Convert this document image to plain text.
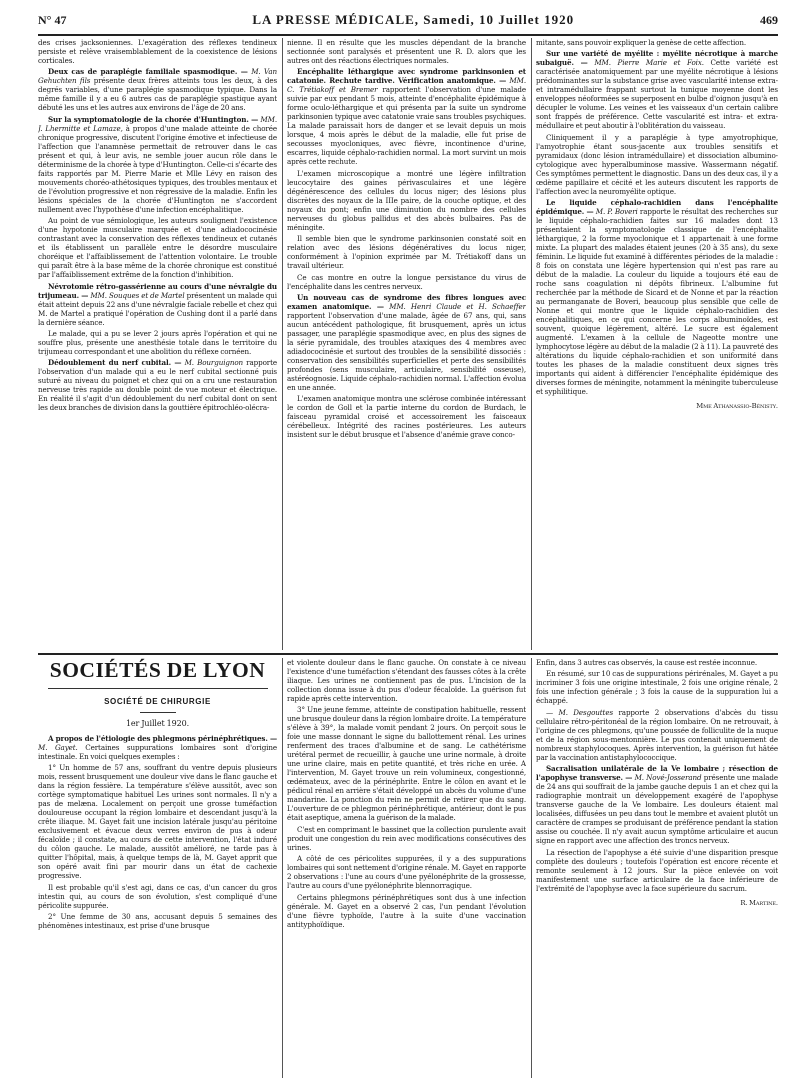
N° 47	LA PRESSE MÉDICALE, Samedi, 10 Juillet 1920	469

des crises jacksoniennes. L'exagération des réflexes tendineux persiste et relève vraisemblablement de la coexistence de lésions corticales.

Deux cas de paraplégie familiale spasmodique. — M. Van Gehuchten fils présente deux frères atteints tous les deux, à des degrés variables, d'une paraplégie spasmodique typique. Dans la même famille il y a eu 6 autres cas de paraplégie spastique ayant débuté les uns et les autres aux environs de l'âge de 20 ans.

Sur la symptomatologie de la chorée d'Huntington. — MM. J. Lhermitte et Lamaze, à propos d'une malade atteinte de chorée chronique progressive, discutent l'origine émotive et infectieuse de l'affection que l'anamnèse permettait de retrouver dans le cas présent et qui, à leur avis, ne semble jouer aucun rôle dans le déterminisme de la chorée à type d'Huntington. Celle-ci s'écarte des faits rapportés par M. Pierre Marie et Mlle Lévy en raison des mouvements choréo-athétosiques typiques, des troubles mentaux et de l'évolution progressive et non régressive de la maladie. Enfin les lésions spéciales de la chorée d'Huntington ne s'accordent nullement avec l'hypothèse d'une infection encéphalitique.

Au point de vue sémiologique, les auteurs soulignent l'existence d'une hypotonie musculaire marquée et d'une adiadococinésie contrastant avec la conservation des réflexes tendineux et cutanés et ils établissent un parallèle entre le désordre musculaire choréique et l'affaiblissement de l'attention volontaire. Le trouble qui paraît être à la base même de la chorée chronique est constitué par l'affaiblissement extrême de la fonction d'inhibition.

Névrotomie rétro-gassérienne au cours d'une névralgie du trijumeau. — MM. Souques et de Martel présentent un malade qui était atteint depuis 22 ans d'une névralgie faciale rebelle et chez qui M. de Martel a pratiqué l'opération de Cushing dont il a parlé dans la dernière séance.

Le malade, qui a pu se lever 2 jours après l'opération et qui ne souffre plus, présente une anesthésie totale dans le territoire du trijumeau correspondant et une abolition du réflexe cornéen.

Dédoublement du nerf cubital. — M. Bourguignon rapporte l'observation d'un malade qui a eu le nerf cubital sectionné puis suturé au niveau du poignet et chez qui on a cru une restauration nerveuse très rapide au double point de vue moteur et électrique. En réalité il s'agit d'un dédoublement du nerf cubital dont on sent les deux branches de division dans la gouttière épitrochléo-olécra-

nienne. Il en résulte que les muscles dépendant de la branche sectionnée sont paralysés et présentent une R. D. alors que les autres ont des réactions électriques normales.

Encéphalite léthargique avec syndrome parkinsonien et catatonie. Rechute tardive. Vérification anatomique. — MM. C. Trétiakoff et Bremer rapportent l'observation d'une malade suivie par eux pendant 5 mois, atteinte d'encéphalite épidémique à forme oculo-léthargique et qui présenta par la suite un syndrome parkinsonien typique avec catatonie vraie sans troubles psychiques. La malade paraissait hors de danger et se levait depuis un mois lorsque, 4 mois après le début de la maladie, elle fut prise de secousses myocloniques, avec fièvre, incontinence d'urine, escarres, liquide céphalo-rachidien normal. La mort survint un mois après cette rechute.

L'examen microscopique a montré une légère infiltration leucocytaire des gaines périvasculaires et une légère dégénérescence des cellules du locus niger; des lésions plus discrètes des noyaux de la IIIe paire, de la couche optique, et des noyaux du pont; enfin une diminution du nombre des cellules nerveuses du globus pallidus et des abcès bulbaires. Pas de méningite.

Il semble bien que le syndrome parkinsonien constaté soit en relation avec des lésions dégénératives du locus niger, conformément à l'opinion exprimée par M. Trétiakoff dans un travail ultérieur.

Ce cas montre en outre la longue persistance du virus de l'encéphalite dans les centres nerveux.

Un nouveau cas de syndrome des fibres longues avec examen anatomique. — MM. Henri Claude et H. Schaeffer rapportent l'observation d'une malade, âgée de 67 ans, qui, sans aucun antécédent pathologique, fit brusquement, après un ictus passager, une paraplégie spasmodique avec, en plus des signes de la série pyramidale, des troubles ataxiques des 4 membres avec adiadococinésie et surtout des troubles de la sensibilité dissociés : conservation des sensibilités superficielles et perte des sensibilités profondes (sens musculaire, articulaire, sensibilité osseuse), astéréognosie. Liquide céphalo-rachidien normal. L'affection évolua en une année.

L'examen anatomique montra une sclérose combinée intéressant le cordon de Goll et la partie interne du cordon de Burdach, le faisceau pyramidal croisé et accessoirement les faisceaux cérébelleux. Intégrité des racines postérieures. Les auteurs insistent sur le début brusque et l'absence d'anémie grave conco-

mitante, sans pouvoir expliquer la genèse de cette affection.

Sur une variété de myélite : myélite nécrotique à marche subaiguë. — MM. Pierre Marie et Foix. Cette variété est caractérisée anatomiquement par une myélite nécrotique à lésions prédominantes sur la substance grise avec vascularité intense extra- et intramédullaire frappant surtout la tunique moyenne dont les enveloppes néoformées se superposent en bulbe d'oignon jusqu'à en décupler le volume. Les veines et les vaisseaux d'un certain calibre sont frappés de préférence. Cette vascularité est intra- et extra-médullaire et peut aboutir à l'oblitération du vaisseau.

Cliniquement il y a paraplégie à type amyotrophique, l'amyotrophie étant sous-jacente aux troubles sensitifs et pyramidaux (donc lésion intramédullaire) et dissociation albumino-cytologique avec hyperalbuminose massive. Wassermann négatif. Ces symptômes permettent le diagnostic. Dans un des deux cas, il y a œdème papillaire et cécité et les auteurs discutent les rapports de l'affection avec la neuromyélite optique.

Le liquide céphalo-rachidien dans l'encéphalite épidémique. — M. P. Boveri rapporte le résultat des recherches sur le liquide céphalo-rachidien faites sur 16 malades dont 13 présentaient la symptomatologie classique de l'encéphalite léthargique, 2 la forme myoclonique et 1 appartenait à une forme mixte. La plupart des malades étaient jeunes (20 à 35 ans), du sexe féminin. Le liquide fut examiné à différentes périodes de la maladie : 8 fois on constata une légère hypertension qui n'est pas rare au début de la maladie. La couleur du liquide a toujours été eau de roche sans coagulation ni dépôts fibrineux. L'albumine fut recherchée par la méthode de Sicard et de Nonne et par la réaction au permanganate de Boveri, beaucoup plus sensible que celle de Nonne et qui montre que le liquide céphalo-rachidien des encéphalitiques, en ce qui concerne les corps albuminoïdes, est souvent, quoique légèrement, altéré. Le sucre est également augmenté. L'examen à la cellule de Nageotte montre une lymphocytose légère au début de la maladie (2 à 11). La pauvreté des altérations du liquide céphalo-rachidien et son uniformité dans toutes les phases de la maladie constituent deux signes très importants qui aident à différencier l'encéphalite épidémique des diverses formes de méningite, notamment la méningite tuberculeuse et syphilitique.

Mme Athanassio-Bénisty.
SOCIÉTÉS DE LYON
SOCIÉTÉ DE CHIRURGIE
1er Juillet 1920.

A propos de l'étiologie des phlegmons périnéphrétiques. — M. Gayet. Certaines suppurations lombaires sont d'origine intestinale. En voici quelques exemples :

1° Un homme de 57 ans, souffrant du ventre depuis plusieurs mois, ressent brusquement une douleur vive dans le flanc gauche et dans la région fessière. La température s'élève aussitôt, avec son cortège symptomatique habituel Les urines sont normales. Il n'y a pas de melæna. Localement on perçoit une grosse tuméfaction douloureuse occupant la région lombaire et descendant jusqu'à la crête iliaque. M. Gayet fait une incision latérale jusqu'au péritoine exclusivement et évacue deux verres environ de pus à odeur fécaloïde ; il constate, au cours de cette intervention, l'état induré du côlon gauche. Le malade, aussitôt amélioré, ne tarde pas à quitter l'hôpital, mais, à quelque temps de là, M. Gayet apprit que son opéré avait fini par mourir dans un état de cachexie progressive.

Il est probable qu'il s'est agi, dans ce cas, d'un cancer du gros intestin qui, au cours de son évolution, s'est compliqué d'une péricolite suppurée.

2° Une femme de 30 ans, accusant depuis 5 semaines des phénomènes intestinaux, est prise d'une brusque

et violente douleur dans le flanc gauche. On constate à ce niveau l'existence d'une tuméfaction s'étendant des fausses côtes à la crête iliaque. Les urines ne contiennent pas de pus. L'incision de la collection donna issue à du pus d'odeur fécaloïde. La guérison fut rapide après cette intervention.

3° Une jeune femme, atteinte de constipation habituelle, ressent une brusque douleur dans la région lombaire droite. La température s'élève à 39°, la malade vomit pendant 2 jours. On perçoit sous le foie une masse donnant le signe du ballottement rénal. Les urines renferment des traces d'albumine et de sang. Le cathétérisme urétéral permet de recueillir, à gauche une urine normale, à droite une urine claire, mais en petite quantité, et très riche en urée. A l'intervention, M. Gayet trouve un rein volumineux, congestionné, œdémateux, avec de la périnéphrite. Entre le côlon en avant et le pédicul rénal en arrière s'était développé un abcès du volume d'une mandarine. La ponction du rein ne permit de retirer que du sang. L'ouverture de ce phlegmon périnéphrétique, antérieur, dont le pus était aseptique, amena la guérison de la malade.

C'est en comprimant le bassinet que la collection purulente avait produit une congestion du rein avec modifications consécutives des urines.

A côté de ces péricolites suppurées, il y a des suppurations lombaires qui sont nettement d'origine rénale. M. Gayet en rapporte 2 observations : l'une au cours d'une pyélonéphrite de la grossesse, l'autre au cours d'une pyélonéphrite blennorragique.

Certains phlegmons périnéphrétiques sont dus à une infection générale. M. Gayet en a observé 2 cas, l'un pendant l'évolution d'une fièvre typhoïde, l'autre à la suite d'une vaccination antityphoïdique.

Enfin, dans 3 autres cas observés, la cause est restée inconnue.

En résumé, sur 10 cas de suppurations périrénales, M. Gayet a pu incriminer 3 fois une origine intestinale, 2 fois une origine rénale, 2 fois une infection générale ; 3 fois la cause de la suppuration lui a échappé.

— M. Desgouttes rapporte 2 observations d'abcès du tissu cellulaire rétro-péritonéal de la région lombaire. On ne retrouvait, à l'origine de ces phlegmons, qu'une poussée de folliculite de la nuque et de la région sous-mentonnière. Le pus contenait uniquement de nombreux staphylocoques. Après intervention, la guérison fut hâtée par la vaccination antistaphylococcique.

Sacralisation unilatérale de la Ve lombaire ; résection de l'apophyse transverse. — M. Nové-Josserand présente une malade de 24 ans qui souffrait de la jambe gauche depuis 1 an et chez qui la radiographie montrait un développement exagéré de l'apophyse transverse gauche de la Ve lombaire. Les douleurs étaient mal localisées, diffusées un peu dans tout le membre et avaient plutôt un caractère de crampes se produisant de préférence pendant la station assise ou couchée. Il n'y avait aucun symptôme articulaire et aucun signe en rapport avec une affection des troncs nerveux.

La résection de l'apophyse a été suivie d'une disparition presque complète des douleurs ; toutefois l'opération est encore récente et remonte seulement à 12 jours. Sur la pièce enlevée on voit manifestement une surface articulaire de la face inférieure de l'extrémité de l'apophyse avec la face supérieure du sacrum.

R. Martine.
